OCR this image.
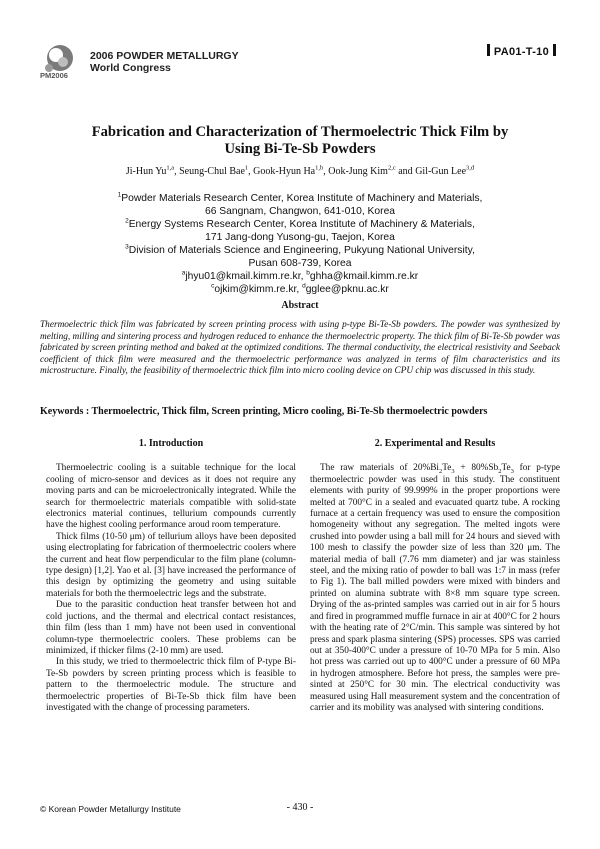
PM2006
2006 POWDER METALLURGY
World Congress
PA01-T-10
Fabrication and Characterization of Thermoelectric Thick Film by
Using Bi-Te-Sb Powders
Ji-Hun Yu$^{1,a}$, Seung-Chul Bae$^1$, Gook-Hyun Ha$^{1,b}$, Ook-Jung Kim$^{2,c}$ and Gil-Gun Lee$^{3,d}$
$^1$Powder Materials Research Center, Korea Institute of Machinery and Materials,
66 Sangnam, Changwon, 641-010, Korea
$^2$Energy Systems Research Center, Korea Institute of Machinery & Materials,
171 Jang-dong Yusong-gu, Taejon, Korea
$^3$Division of Materials Science and Engineering, Pukyung National University,
Pusan 608-739, Korea
$^a$jhyu01@kmail.kimm.re.kr, $^b$ghha@kmail.kimm.re.kr
$^c$ojkim@kimm.re.kr, $^d$gglee@pknu.ac.kr
Abstract
Thermoelectric thick film was fabricated by screen printing process with using p-type Bi-Te-Sb powders. The powder was synthesized by melting, milling and sintering process and hydrogen reduced to enhance the thermoelectric property. The thick film of Bi-Te-Sb powder was fabricated by screen printing method and baked at the optimized conditions. The thermal conductivity, the electrical resistivity and Seeback coefficient of thick film were measured and the thermoelectric performance was analyzed in terms of film characteristics and its microstructure. Finally, the feasibility of thermoelectric thick film into micro cooling device on CPU chip was discussed in this study.
Keywords : Thermoelectric, Thick film, Screen printing, Micro cooling, Bi-Te-Sb thermoelectric powders
1. Introduction

Thermoelectric cooling is a suitable technique for the local cooling of micro-sensor and devices as it does not require any moving parts and can be microelectronically integrated. While the search for thermoelectric materials compatible with solid-state electronics material continues, tellurium compounds currently have the highest cooling performance aroud room temperature.

Thick films (10-50 μm) of tellurium alloys have been deposited using electroplating for fabrication of thermoelectric coolers where the current and heat flow perpendicular to the film plane (column-type design) [1,2]. Yao et al. [3] have increased the performance of this design by optimizing the geometry and using suitable materials for both the thermoelectric legs and the substrate.

Due to the parasitic conduction heat transfer between hot and cold juctions, and the thermal and electrical contact resistances, thin film (less than 1 mm) have not been used in conventional column-type thermoelectric coolers. These problems can be minimized, if thicker films (2-10 mm) are used.

In this study, we tried to thermoelectric thick film of P-type Bi-Te-Sb powders by screen printing process which is feasible to pattern to the thermoelectric module. The structure and thermoelectric properties of Bi-Te-Sb thick film have been investigated with the change of processing parameters.

2. Experimental and Results

The raw materials of $20\%Bi_2Te_3 + 80\%Sb_2Te_3$ for p-type thermoelectric powder was used in this study. The constituent elements with purity of 99.999% in the proper proportions were melted at 700°C in a sealed and evacuated quartz tube. A rocking furnace at a certain frequency was used to ensure the composition homogeneity without any segregation. The melted ingots were crushed into powder using a ball mill for 24 hours and sieved with 100 mesh to classify the powder size of less than 320 μm. The material media of ball (7.76 mm diameter) and jar was stainless steel, and the mixing ratio of powder to ball was 1:7 in mass (refer to Fig 1). The ball milled powders were mixed with binders and printed on alumina subtrate with 8×8 mm square type screen. Drying of the as-printed samples was carried out in air for 5 hours and fired in programmed muffle furnace in air at 400°C for 2 hours with the heating rate of 2°C/min. This sample was sintered by hot press and spark plasma sintering (SPS) processes. SPS was carried out at 350-400°C under a pressure of 10-70 MPa for 5 min. Also hot press was carried out up to 400°C under a pressure of 60 MPa in hydrogen atmosphere. Before hot press, the samples were pre-sinted at 250°C for 30 min. The electrical conductivity was measured using Hall measurement system and the concentration of carrier and its mobility was analysed with sintering conditions.

© Korean Powder Metallurgy Institute	- 430 -
